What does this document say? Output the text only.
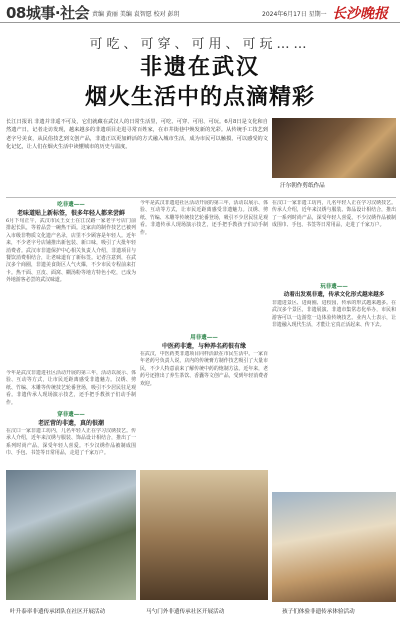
08城事·社会 责编 黄丽 美编 袁智愿 校对 彭玥	2024年6月17日 星期一 长沙晚报
可吃、可穿、可用、可玩……
非遗在武汉
烟火生活中的点滴精彩
长江日报讯 非遗并非遥不可及，它们就藏在武汉人的日常生活里，可吃、可穿、可用、可玩。6月8日是文化和自然遗产日，记者走访发现，越来越多的非遗项目走进寻常百姓家，在市井街巷中焕发新的光彩。从传统手工技艺到老字号美食，从民俗技艺到文创产品，非遗正以更加鲜活的方式融入城市生活，成为市民可以触摸、可以感受的文化记忆，让人们在烟火生活中读懂城市的历史与温度。
汗尔朝作剪纸作品
吃非遗——
老味道贴上新标签，很多年轻人都来尝鲜
6月下旬正午，武汉市民王女士在江汉路一家老字号店门前排起长队，等着品尝一碗热干面。这家店的制作技艺已被列入市级非物质文化遗产名录，店里不少顾客是年轻人。近年来，不少老字号店铺推出新包装、新口味，吸引了大批年轻消费者。武汉市非遗保护中心相关负责人介绍，非遗项目与餐饮消费相结合，让老味道有了新标签。记者注意到，在武汉多个商圈，非遗美食街区人气火爆，不少市民专程前来打卡。热干面、豆皮、面窝、糊汤粉等地方特色小吃，已成为外地游客必尝的武汉味道。
今年是武汉非遗进社区活动开展的第三年，活动以展示、体验、互动等方式，让市民近距离感受非遗魅力。汉绣、剪纸、竹编、木雕等传统技艺轮番登场，吸引不少居民驻足观看。非遗传承人现场演示技艺，还手把手教孩子们动手制作。
穿非遗——
老匠营的非遗，真的很潮
在汉口一家非遗工坊内，几名年轻人正在学习汉绣技艺。传承人介绍，近年来汉绣与服装、饰品设计相结合，推出了一系列时尚产品，深受年轻人喜爱。不少汉绣作品被制成围巾、手包、书签等日常用品，走进了千家万户。
今年是武汉非遗进社区活动开展的第三年，活动以展示、体验、互动等方式，让市民近距离感受非遗魅力。汉绣、剪纸、竹编、木雕等传统技艺轮番登场，吸引不少居民驻足观看。非遗传承人现场演示技艺，还手把手教孩子们动手制作。
用非遗——
中医药非遗，与种养名药很有缘
在武汉，中医药类非遗项目同样活跃在市民生活中。一家百年老药号负责人说，店内的传统膏方制作技艺吸引了大量市民，不少人特意前来了解传统中药的炮制方法。近年来，老药号还推出了养生茶饮、香囊等文创产品，受到年轻消费者欢迎。
在汉口一家非遗工坊内，几名年轻人正在学习汉绣技艺。传承人介绍，近年来汉绣与服装、饰品设计相结合，推出了一系列时尚产品，深受年轻人喜爱。不少汉绣作品被制成围巾、手包、书签等日常用品，走进了千家万户。
玩非遗——
动着出发观非遗，传承文化形式越来越多
非遗进景区、进商圈、进校园，传承的形式越来越多。在武汉多个景区，非遗展演、非遗市集常态化举办，市民和游客可以一边游览一边体验传统技艺。业内人士表示，让非遗融入现代生活，才能让它真正活起来、传下去。
叶升泰率非遗传承团队在社区开展活动	马勺门外非遗传承社区开展活动	孩子们体验非遗传承体验活动
